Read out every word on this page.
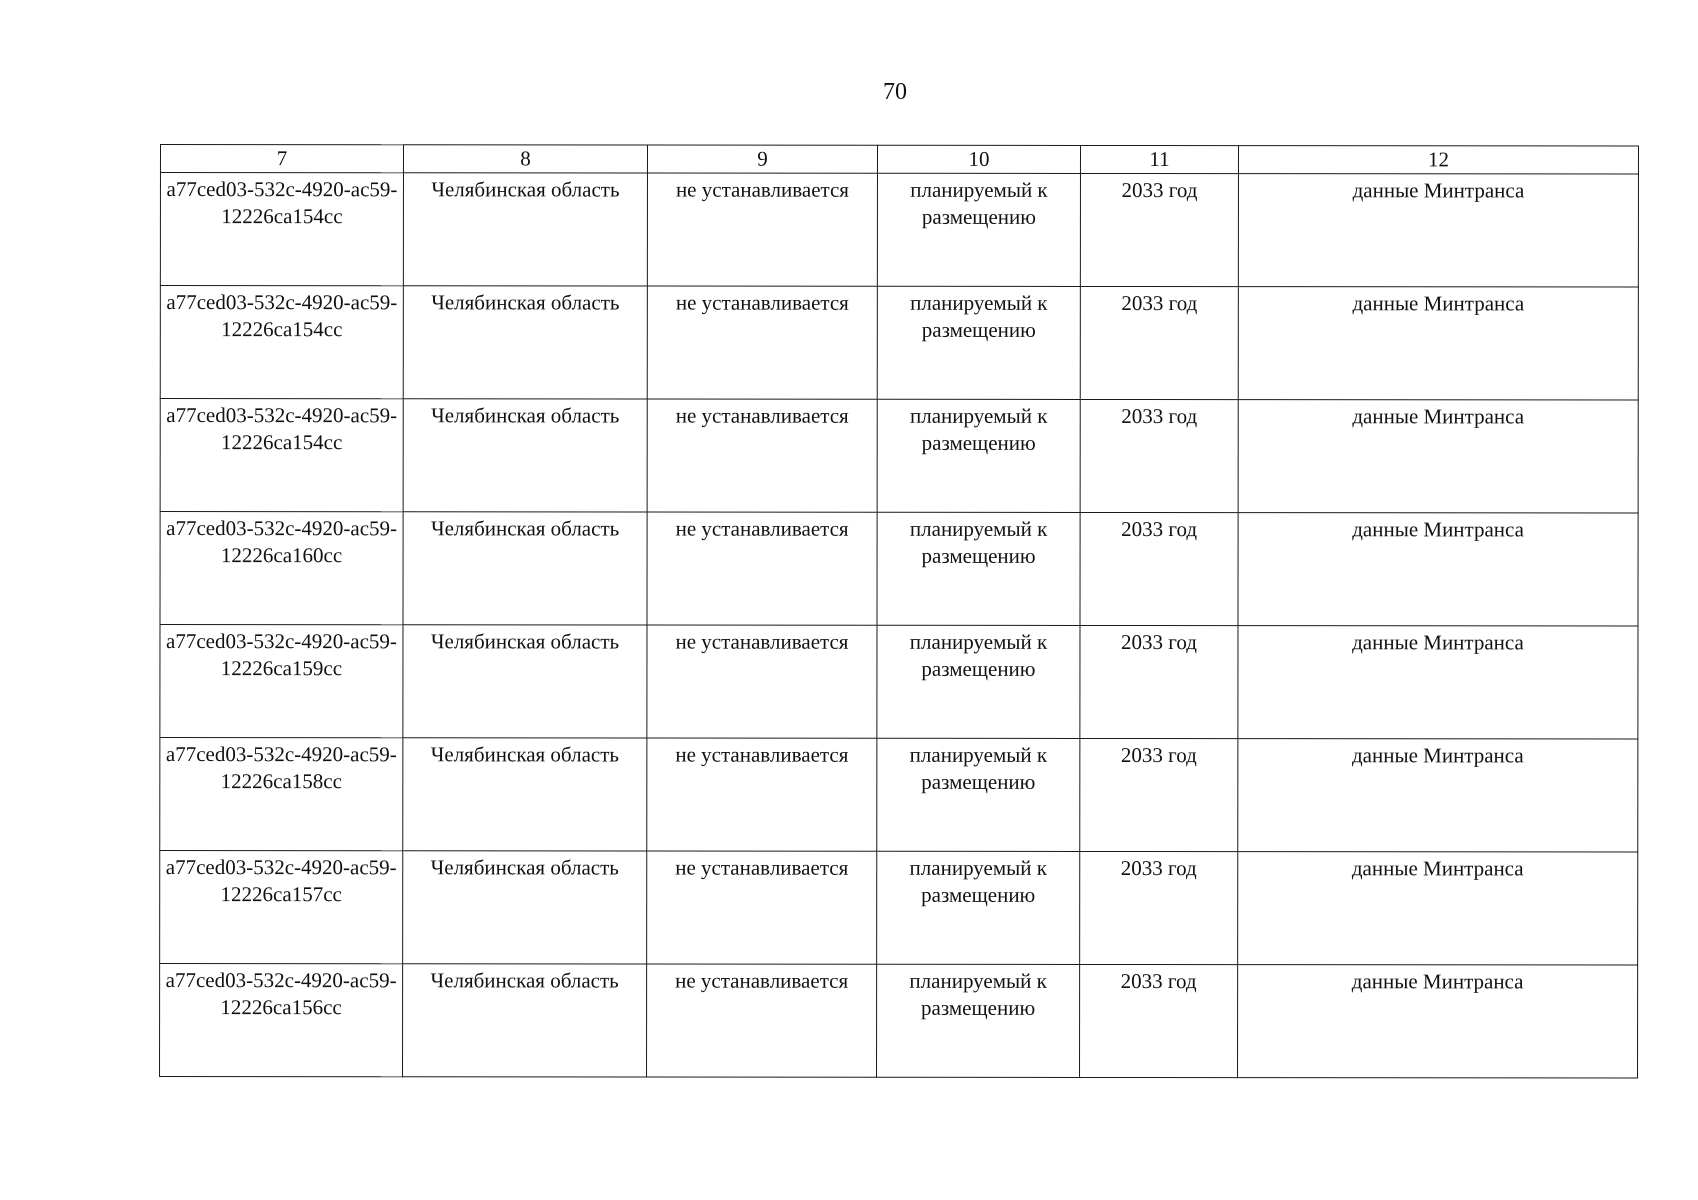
70
7	8	9	10	11	12
a77ced03-532c-4920-ac59-12226ca154cc	Челябинская область	не устанавливается	планируемый к размещению	2033 год	данные Минтранса
a77ced03-532c-4920-ac59-12226ca154cc	Челябинская область	не устанавливается	планируемый к размещению	2033 год	данные Минтранса
a77ced03-532c-4920-ac59-12226ca154cc	Челябинская область	не устанавливается	планируемый к размещению	2033 год	данные Минтранса
a77ced03-532c-4920-ac59-12226ca160cc	Челябинская область	не устанавливается	планируемый к размещению	2033 год	данные Минтранса
a77ced03-532c-4920-ac59-12226ca159cc	Челябинская область	не устанавливается	планируемый к размещению	2033 год	данные Минтранса
a77ced03-532c-4920-ac59-12226ca158cc	Челябинская область	не устанавливается	планируемый к размещению	2033 год	данные Минтранса
a77ced03-532c-4920-ac59-12226ca157cc	Челябинская область	не устанавливается	планируемый к размещению	2033 год	данные Минтранса
a77ced03-532c-4920-ac59-12226ca156cc	Челябинская область	не устанавливается	планируемый к размещению	2033 год	данные Минтранса
